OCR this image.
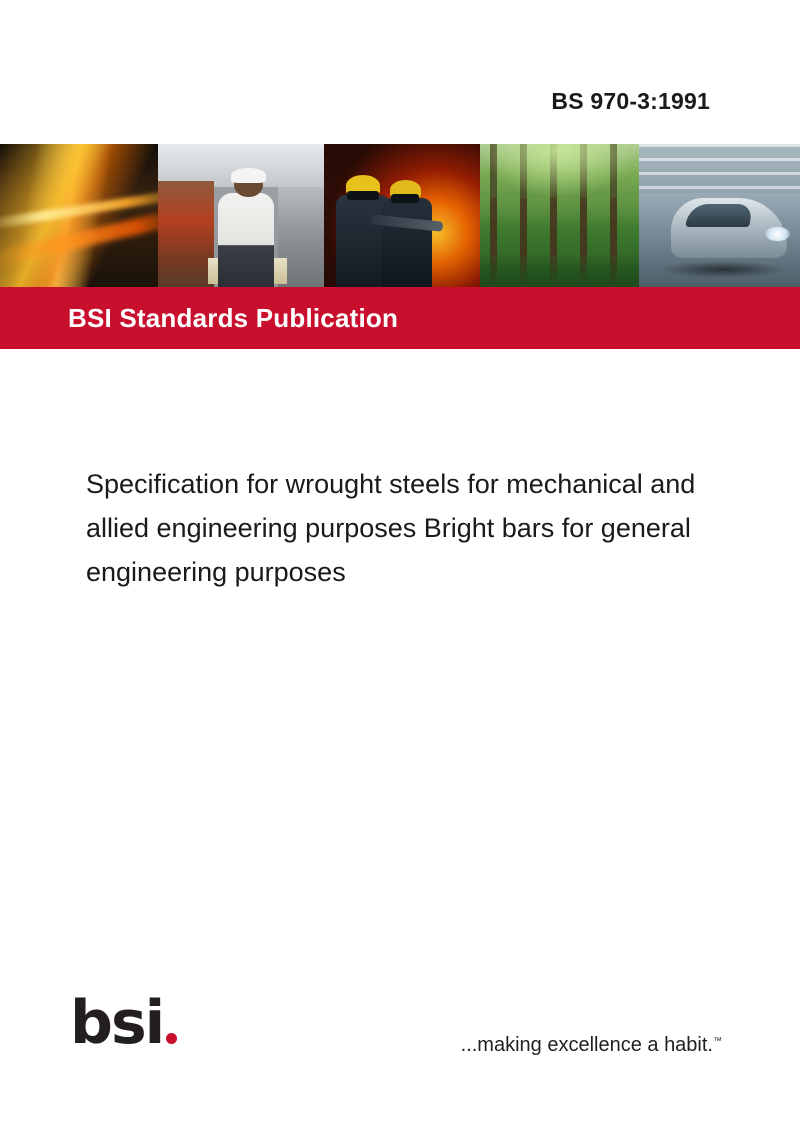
BS 970-3:1991
BSI Standards Publication
Specification for wrought steels for mechanical and allied engineering purposes Bright bars for general engineering purposes
bsi	...making excellence a habit.™
